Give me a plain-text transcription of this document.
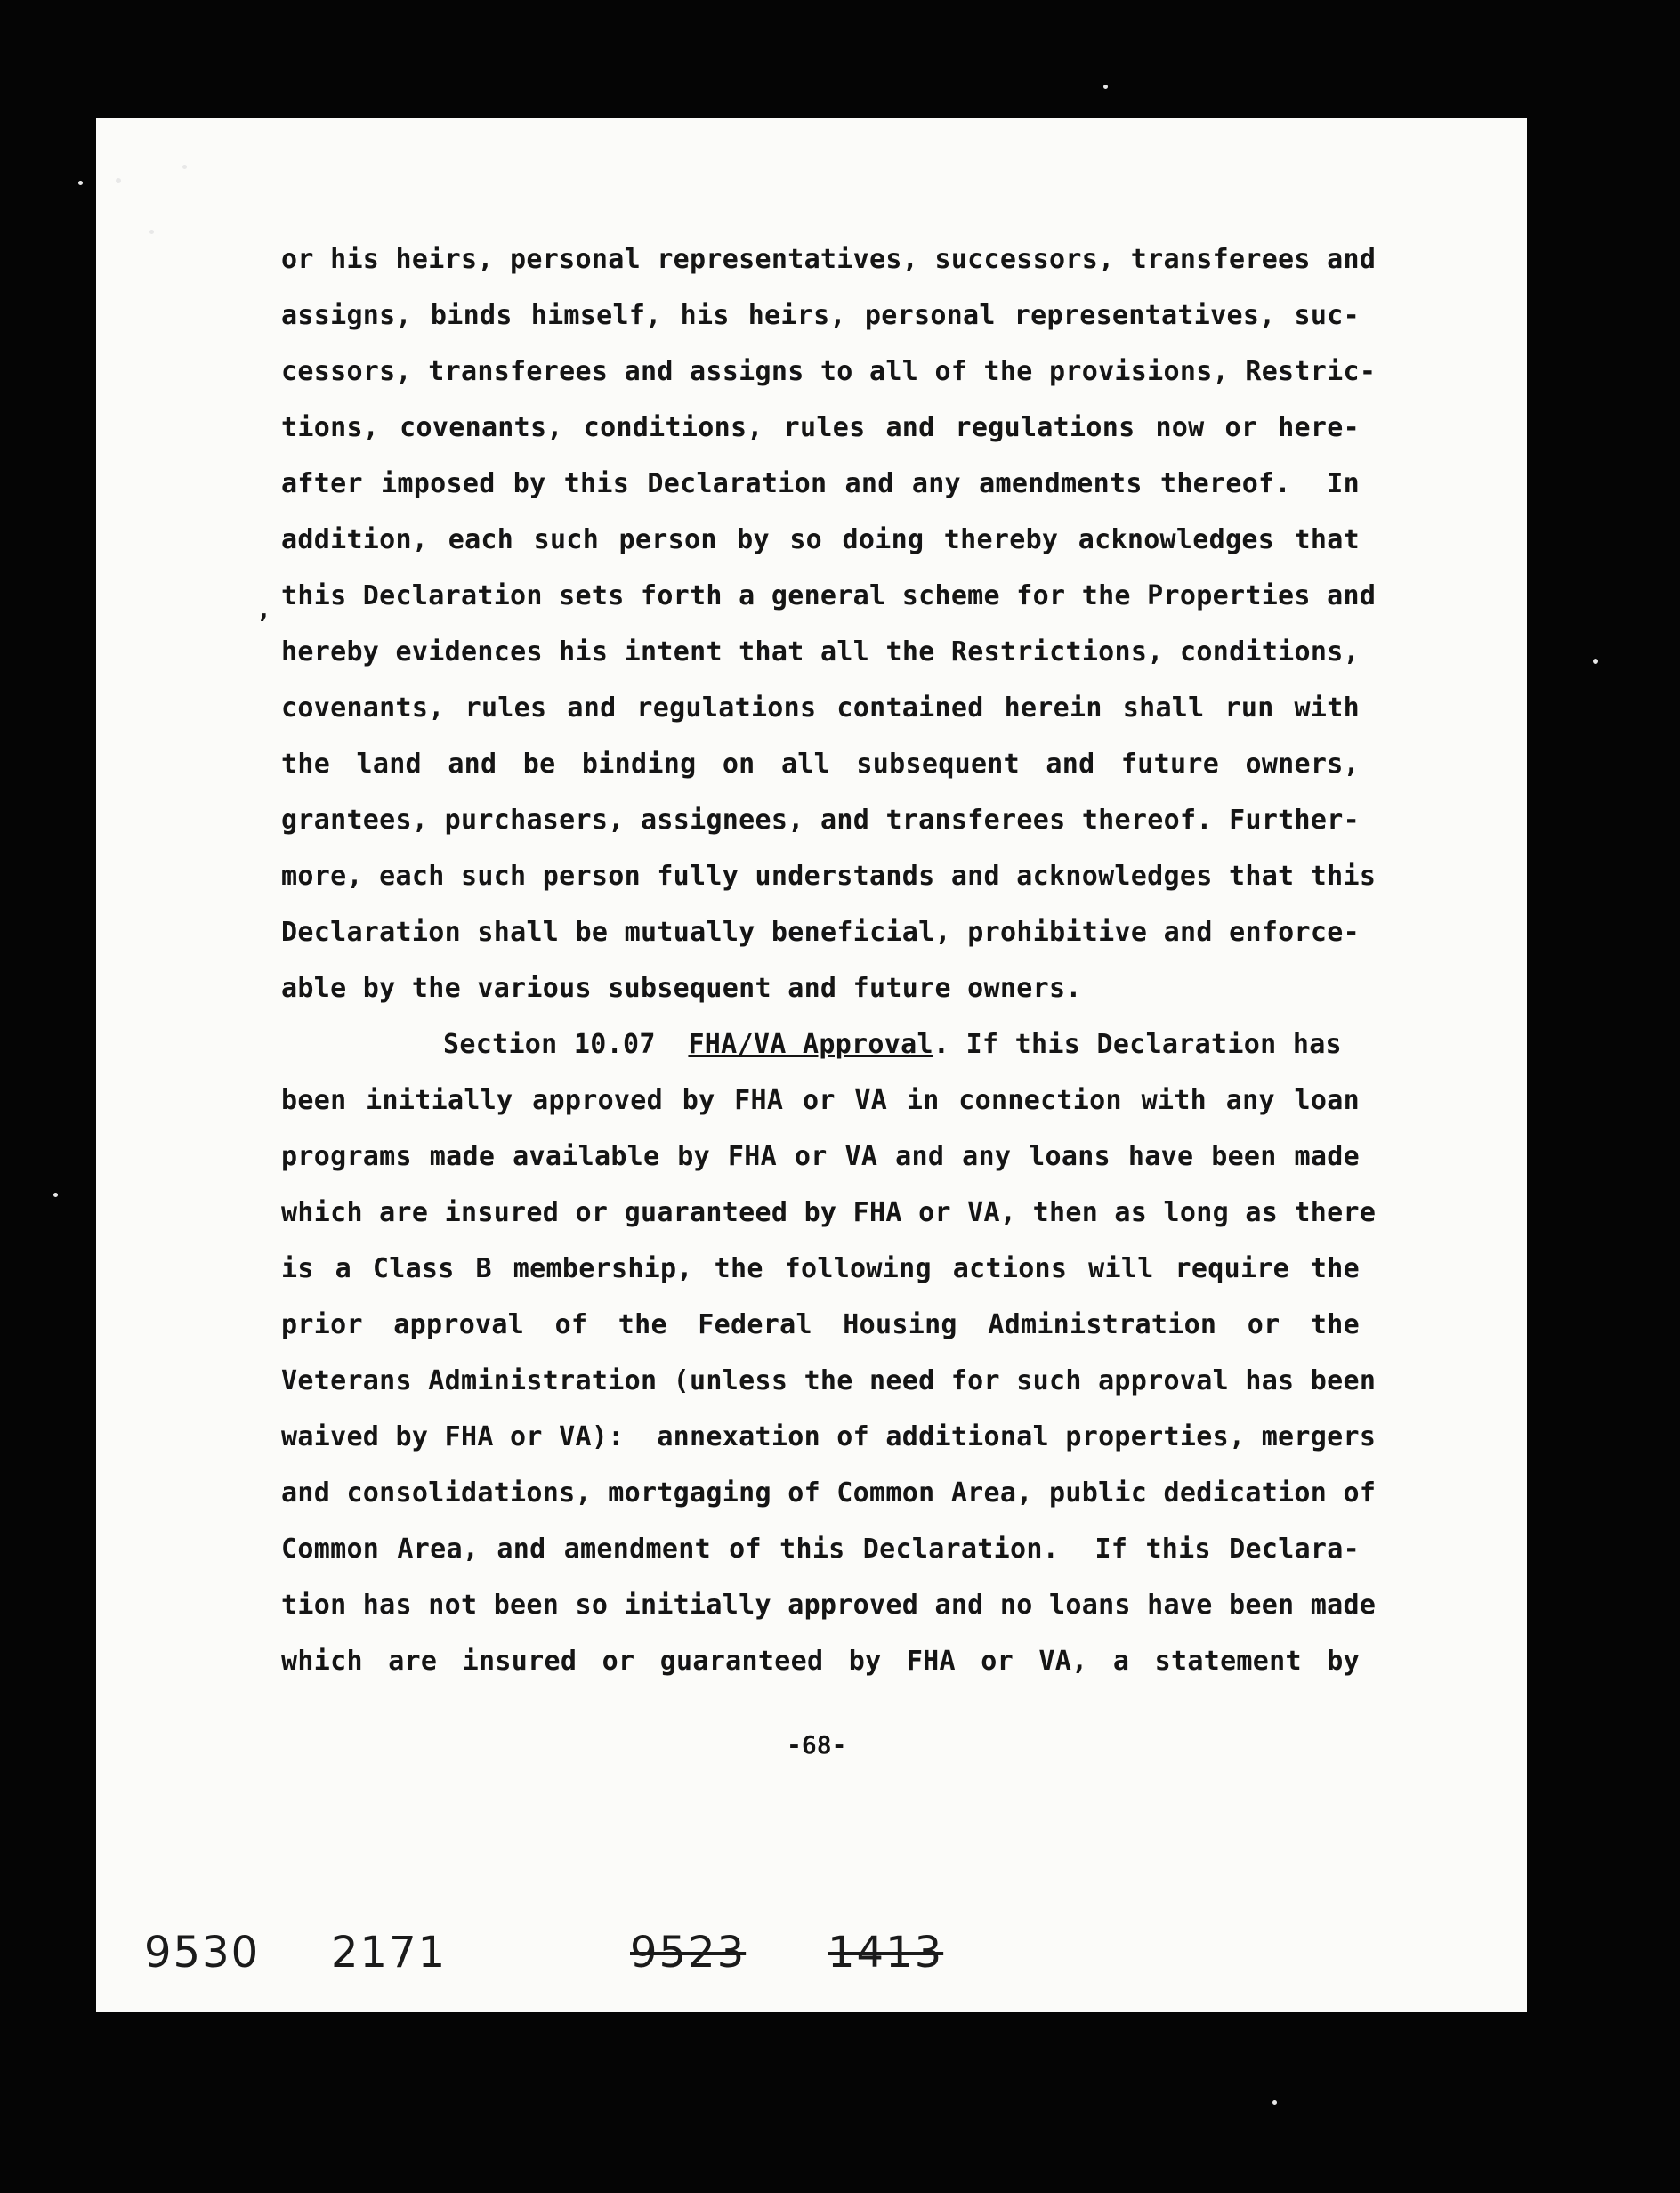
,
or his heirs, personal representatives, successors, transferees and
assigns, binds himself, his heirs, personal representatives, suc-
cessors, transferees and assigns to all of the provisions, Restric-
tions, covenants, conditions, rules and regulations now or here-
after imposed by this Declaration and any amendments thereof.  In
addition, each such person by so doing thereby acknowledges that
this Declaration sets forth a general scheme for the Properties and
hereby evidences his intent that all the Restrictions, conditions,
covenants, rules and regulations contained herein shall run with
the land and be binding on all subsequent and future owners,
grantees, purchasers, assignees, and transferees thereof. Further-
more, each such person fully understands and acknowledges that this
Declaration shall be mutually beneficial, prohibitive and enforce-
able by the various subsequent and future owners.
Section 10.07 FHA/VA Approval. If this Declaration has
been initially approved by FHA or VA in connection with any loan
programs made available by FHA or VA and any loans have been made
which are insured or guaranteed by FHA or VA, then as long as there
is a Class B membership, the following actions will require the
prior approval of the Federal Housing Administration or the
Veterans Administration (unless the need for such approval has been
waived by FHA or VA):  annexation of additional properties, mergers
and consolidations, mortgaging of Common Area, public dedication of
Common Area, and amendment of this Declaration.  If this Declara-
tion has not been so initially approved and no loans have been made
which are insured or guaranteed by FHA or VA, a statement by
-68-
9530 2171	9523 1413
